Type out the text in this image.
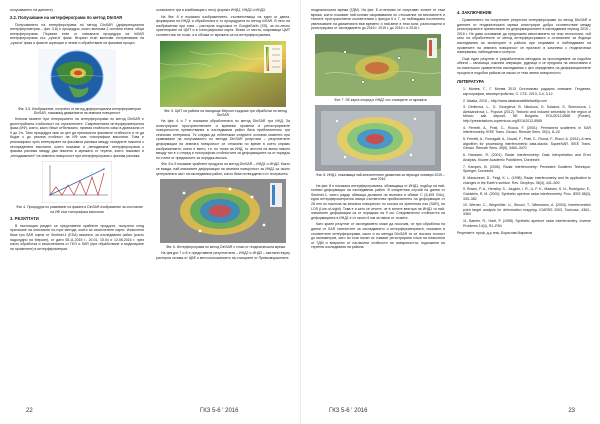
получаването на данните).

2.2. Получаване на интерферограми по метод DInSAR

Получаването на интерферограма по метод DInSAR (диференциална интерферометрия – фиг. 3-6) е процедура, която включва 2 основни етапа: обща интерферограма. Първият етап от описаната процедура на InSAR интерферограма със „сухата“ фаза. Вторият етап включва отстраняване на „сухата“ фаза и фазите корекции и леяне и обработване на фазовия процес.

Фиг. 3-5. Изображение, получено от метод диференциална интерферометрия DInSAR, показващ движенията на земната повърхност

Ключов момент при генерирането на интерферограми по метод DInSAR е дълготрайната стабилност на отразителите. Съвременната интерферометрична фаза (ИФ), която, както беше отбелязано, приема стойности само в диапазона от 0 до 2π. Тази процедура има за цел да преизчисли фазовите стойности и те да бъдат с до реална стойност на ИФ към топографски височини. Това е реализирано чрез интегриране на фазовата разлика между съседните пиксели с неопределени височини, които показват и „неподвижна“ интерферограма с фазова разлика между два пиксела в мрежата от терена, които показват и „неподвижните“ на земната повърхност при интерферограма с фазова разлика.

Фиг. 4. Процедура по развиване на фазата в DInSAR изображение за състояние на ИФ към топографска височина

3. РЕЗУЛТАТИ

В настоящия раздел са представени крайните продукти, получени след прилагане на описаните по-горе методи, които са изчислените карти. Изчислени бяха три SAR сцени от Sentinel-1 (ESA) мисията, за изследвания район (които надолудно на Мерсин), от дати 08.11.2015 г., 20.01, 15.04 и 12.08.2016 г. чрез които обработка и изчисленията от ГЕО и SAR (при обработване и моделиране на промените) в интерферометрия.

останалите три в комбинация с него) формат ИНД1, ИНД2 и ИНД3.

На Фиг. 6 е показано изображението, съответстващо на един от двата, формирани на ИНД1 и обработката и то процедурата по метод InSAR. В него на изображения при това – растерна подложка от GoogleEarth (SS), за по-лесно ориентиране на ЦМТ и в топографската карта. Всеки от места, покриващи ЦМТ съответства на точки, а в облака от мрежата са на интерферограмата.

Фиг. 5. ЦМТ на района на находище Мерсин съдържа три обработки по метод DInSAR

На фиг. 6 и 7 е показани обработената по метод DInSAR три ИНД. За илюстриране пространствените и времеви промени в регистрираните повърхностни премествания в изследвания район бяха приблизително три сеансови интервала. Тя следва да отбележим следните основни моменти при сравняване на получаването по метода DInSAR резултати – резултатните деформации на земната повърхност се отнасяни по време в което спрямо изображението, което е взето, т.е. по тонка на ИНД, то честота на всеки пиксел между тях е с отпред и топографски стойностите за деформациите са от порядък по-точни от предишните за порядък-висока.

Фиг. 8 и 9 показват крайните продукти на метод DInSAR – ИНД1 и ИНД2. Както се вижда, най-значимите деформации на земната повърхност за ИНД1 са около централната част на изследвания район, които бяха потвърдени и от геотрасета.

Фиг. 6. Интерферограма по метод DInSAR с точки от геодезическата мрежа

На фигури 7 и 8 е представена резултатната – ИНД2 и ИНД3 – магнини върху растерна основа от ЦВЕ и местоположението на станциите от Превъзвършените

22	ГКЗ 5-6 ' 2016

геодезическата мрежа (ГДМ). На фиг. 8 отчетливо се очертават зоните от тази мрежа, които показват най-големи изкривявания по отношение на височините и техните пространствени съответствия с фигури 6 и 7, се наблюдава постепенно увеличаване на движенията във времето и най-вече в тези зони, разположени и регистрирани от изследването до 2016 г. 2015 г. до 2016 г. и 2016 г.

Фиг. 7. SE карта според и ИНД2 със станциите от мрежата

Фиг. 8. ИНД1, показваща най-значителните движения за периода ноември 2015 – юни 2016

На фиг. 8 е показана интерферограмата, обхващаща от ИНД1, подбор на най-големи деформации на изследвания район. В конкретния случай на данни от Sentinel-1, чиято радар обхваща дължина на вълната в обхват C (5,405 GHz), една интерферометрична ивица съответства приблизително на деформации от 28 mm по наклона на земната повърхност по посока на зрителния лъч (SAR), на LOS (Line-of-sight). Това е и като се отчете, че в зоните вектора на ИНД1 то най-значимите деформации са от порядъка на 9 см. Следователно стойността на деформацията в ИНД1 е от около 6 мм за някои от точките.

Като краен резултат от изследването може да посочим, че при обработка на данни от SAR сателитите за изследването и интерферометрията, показани в съответните интерферограми, както и по метода DInSAR тя се постига точност до милиметров, като по този начин се очакват регистрирани точки на изчислени от ГДМ и визуално от нагласени стойности на повърхността, подложени на теренни изследвания на района.

4. ЗАКЛЮЧЕНИЕ

Сравнението на получените резултати интерферограми по метод DInSAR и данните от геодезическата мрежа илюстрират добро съответствие между регистрираните преместване на деформационните в изследвания период 2015 – 2016 г. Не дава основание да предложим използването на тези технологии, тъй като на обработените от метод интерферограмата и останалите за бъдещи изследвания на мониторинг в района при откриване и наблюдаване на промените на земната повърхност се прилагат в комплекс с геодезически измервания, наблюдения и контрол.

Още един резултат е разработената методика за проследяване за подобни обекти – свлачища, изкопни операции, рудници и се предлага на използвани и по-нататъшно сравнителни изследвания с цел определяне на деформационните процеси в подобни района на някои от тези земни повърхности.

ЛИТЕРАТУРА

1. Милев, Г., Г. Милев 2013 Спътниково радарно снимане. Геодезия, картография, землеустройство, С. СТБ. 2013, 3-4, 3-12

2. Alaska, 2015 – http://www.alaskasatellitefacility.com

3. Dimitrova, L., G. Georgieva, B. Nikolova, D. Solakov, S. Simeonova, I. Aleksandrova, L. Popova (2012). Tectonic and induced seismicity in the region of Mirovo salt deposit, NE Bulgaria. EGU2012-6565 (Poster), http://presentations.copernicus.org/EGU2012-6565

4. Ferretti, A., Prati, C., Rocca, F. (2001). Permanent scatterers in SAR interferometry. IEEE Trans. Geosci. Remote Sens. 39(1), 8–20

5. Ferretti, A., Fumagalli, A., Novali, F., Prati, C., Rocca, F., Rucci, A. (2011). A new algorithm for processing interferometric data-stacks: SqueeSAR. IEEE Trans. Geosci. Remote Sens. 49(9), 3460–3470

6. Hanssen, R. (2001). Radar Interferometry: Data Interpretation and Error Analysis. Kluwer Academic Publishers, Dordrecht

7. Kampes, B. (2006). Radar Interferometry: Persistent Scatterer Technique. Springer, Dordrecht

8. Massonnet, D., Feigl, K. L. (1998). Radar interferometry and its application to changes in the Earth's surface. Rev. Geophys. 36(4), 441–500

9. Rosen, P. A., Hensley, S., Joughin, I. R., Li, F. K., Madsen, S. N., Rodriguez, E., Goldstein, R. M. (2000). Synthetic aperture radar interferometry. Proc. IEEE 88(3), 333–382

10. Werner, C., Wegmüller, U., Strozzi, T., Wiesmann, A. (2003). Interferometric point target analysis for deformation mapping. IGARSS 2003, Toulouse, 4362–4364

11. Bamler, R., Hartl, P. (1998). Synthetic aperture radar interferometry. Inverse Problems 14(4), R1–R54

Рецензент: проф. д-р инж. Боряслав Маринов

ГКЗ 5-6 ' 2016	23
